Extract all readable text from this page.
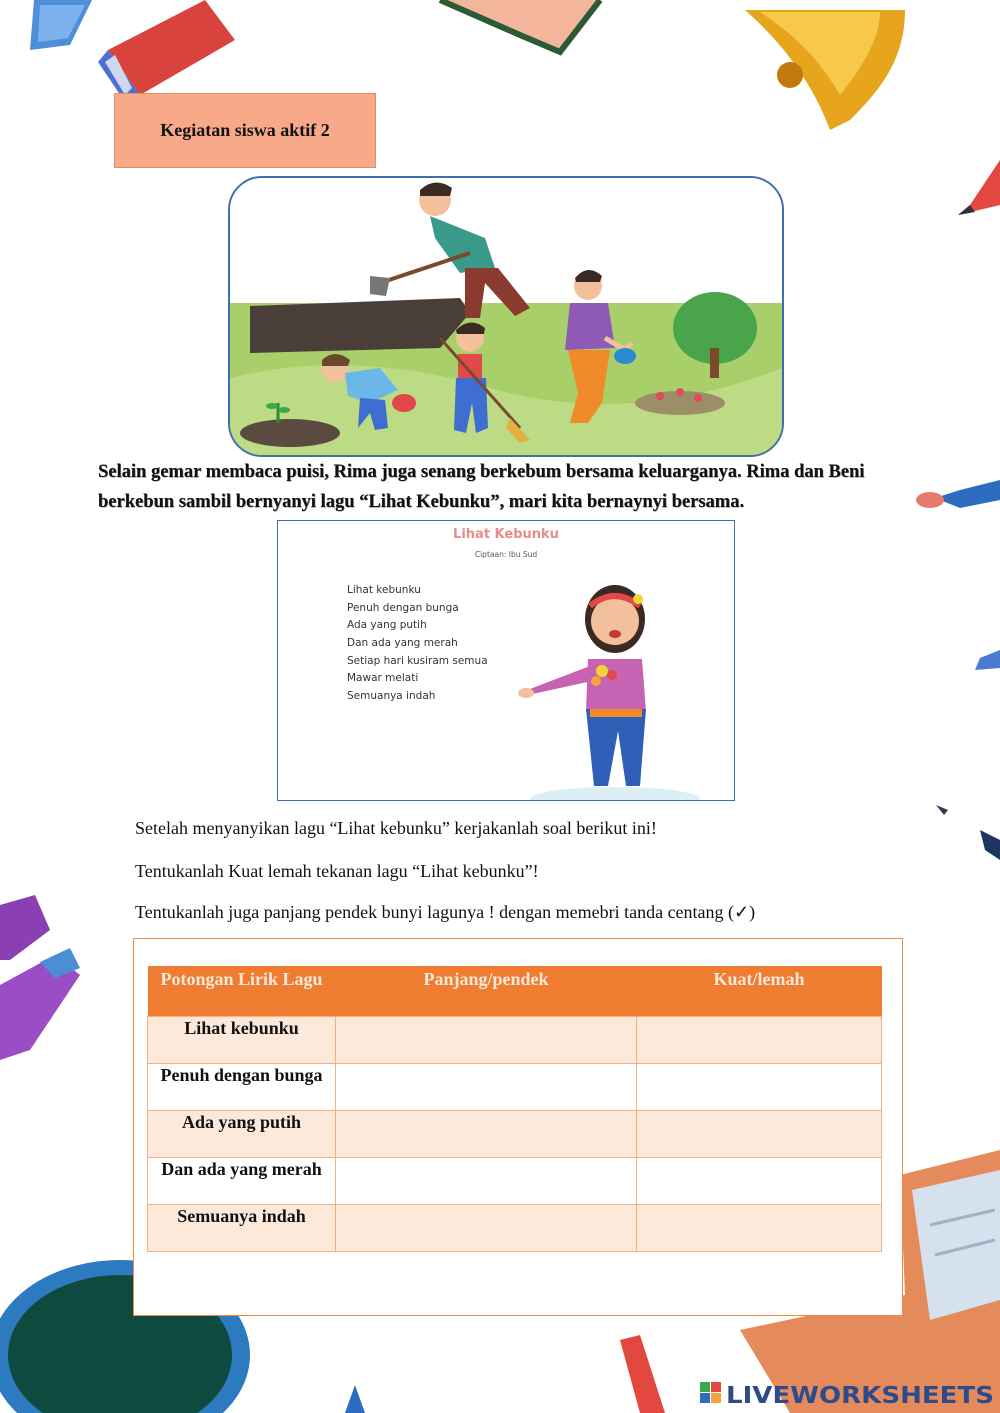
Kegiatan siswa aktif 2
Selain gemar membaca puisi, Rima juga senang berkebum bersama keluarganya. Rima dan Beni berkebun sambil bernyanyi lagu “Lihat Kebunku”, mari kita bernaynyi bersama.
Lihat Kebunku
Ciptaan: Ibu Sud
Lihat kebunku
Penuh dengan bunga
Ada yang putih
Dan ada yang merah
Setiap hari kusiram semua
Mawar melati
Semuanya indah
Setelah menyanyikan lagu “Lihat kebunku” kerjakanlah soal berikut ini!
Tentukanlah Kuat lemah tekanan lagu “Lihat kebunku”!
Tentukanlah juga panjang pendek bunyi lagunya ! dengan memebri tanda centang (✓)
Potongan Lirik Lagu	Panjang/pendek	Kuat/lemah
Lihat kebunku		
Penuh dengan bunga		
Ada yang putih		
Dan ada yang merah		
Semuanya indah		
LIVEWORKSHEETS
